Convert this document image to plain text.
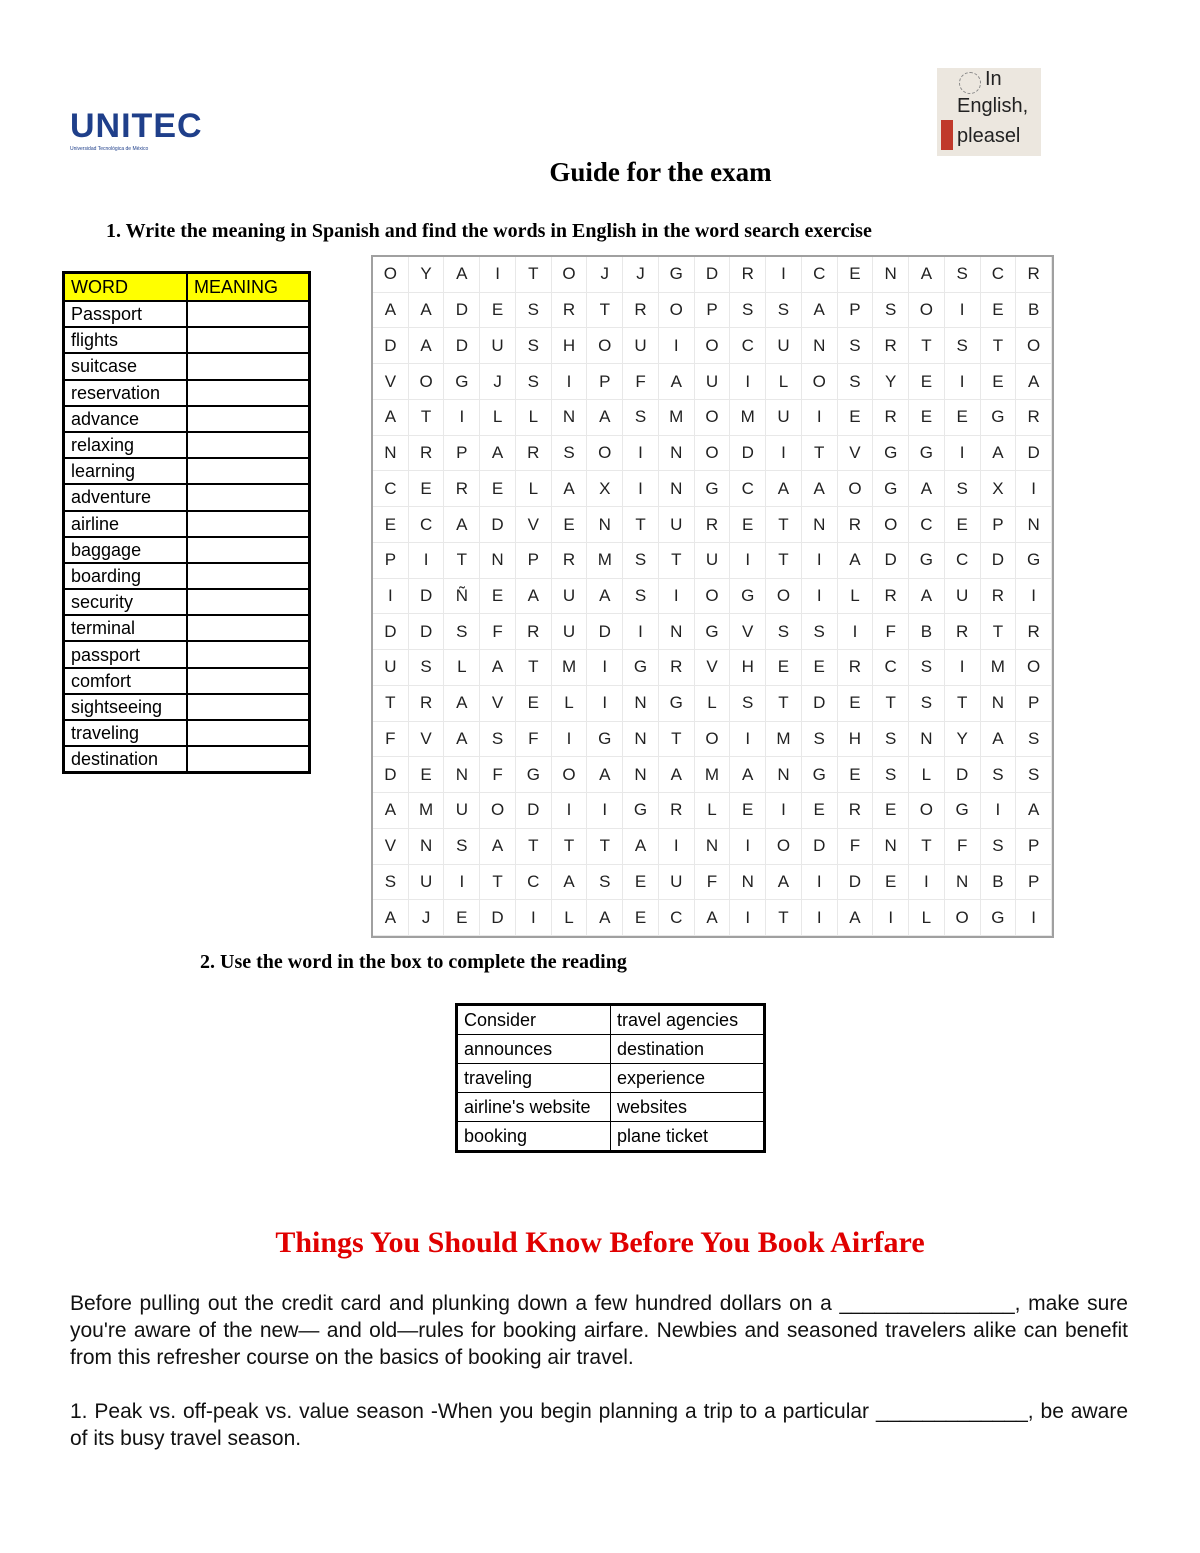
UNITEC
Universidad Tecnológica de México
In
English,
pleasel
Guide for the exam
1. Write the meaning in Spanish and find the words in English in the word search exercise
WORD	MEANING
Passport	
flights	
suitcase	
reservation	
advance	
relaxing	
learning	
adventure	
airline	
baggage	
boarding	
security	
terminal	
passport	
comfort	
sightseeing	
traveling	
destination	
O	Y	A	I	T	O	J	J	G	D	R	I	C	E	N	A	S	C	R
A	A	D	E	S	R	T	R	O	P	S	S	A	P	S	O	I	E	B
D	A	D	U	S	H	O	U	I	O	C	U	N	S	R	T	S	T	O
V	O	G	J	S	I	P	F	A	U	I	L	O	S	Y	E	I	E	A
A	T	I	L	L	N	A	S	M	O	M	U	I	E	R	E	E	G	R
N	R	P	A	R	S	O	I	N	O	D	I	T	V	G	G	I	A	D
C	E	R	E	L	A	X	I	N	G	C	A	A	O	G	A	S	X	I
E	C	A	D	V	E	N	T	U	R	E	T	N	R	O	C	E	P	N
P	I	T	N	P	R	M	S	T	U	I	T	I	A	D	G	C	D	G
I	D	Ñ	E	A	U	A	S	I	O	G	O	I	L	R	A	U	R	I
D	D	S	F	R	U	D	I	N	G	V	S	S	I	F	B	R	T	R
U	S	L	A	T	M	I	G	R	V	H	E	E	R	C	S	I	M	O
T	R	A	V	E	L	I	N	G	L	S	T	D	E	T	S	T	N	P
F	V	A	S	F	I	G	N	T	O	I	M	S	H	S	N	Y	A	S
D	E	N	F	G	O	A	N	A	M	A	N	G	E	S	L	D	S	S
A	M	U	O	D	I	I	G	R	L	E	I	E	R	E	O	G	I	A
V	N	S	A	T	T	T	A	I	N	I	O	D	F	N	T	F	S	P
S	U	I	T	C	A	S	E	U	F	N	A	I	D	E	I	N	B	P
A	J	E	D	I	L	A	E	C	A	I	T	I	A	I	L	O	G	I
2. Use the word in the box to complete the reading
Consider	travel agencies
announces	destination
traveling	experience
airline's website	websites
booking	plane ticket
Things You Should Know Before You Book Airfare
Before pulling out the credit card and plunking down a few hundred dollars on a _______________, make sure you're aware of the new— and old—rules for booking airfare. Newbies and seasoned travelers alike can benefit from this refresher course on the basics of booking air travel.
1. Peak vs. off-peak vs. value season -When you begin planning a trip to a particular _____________, be aware of its busy travel season.
